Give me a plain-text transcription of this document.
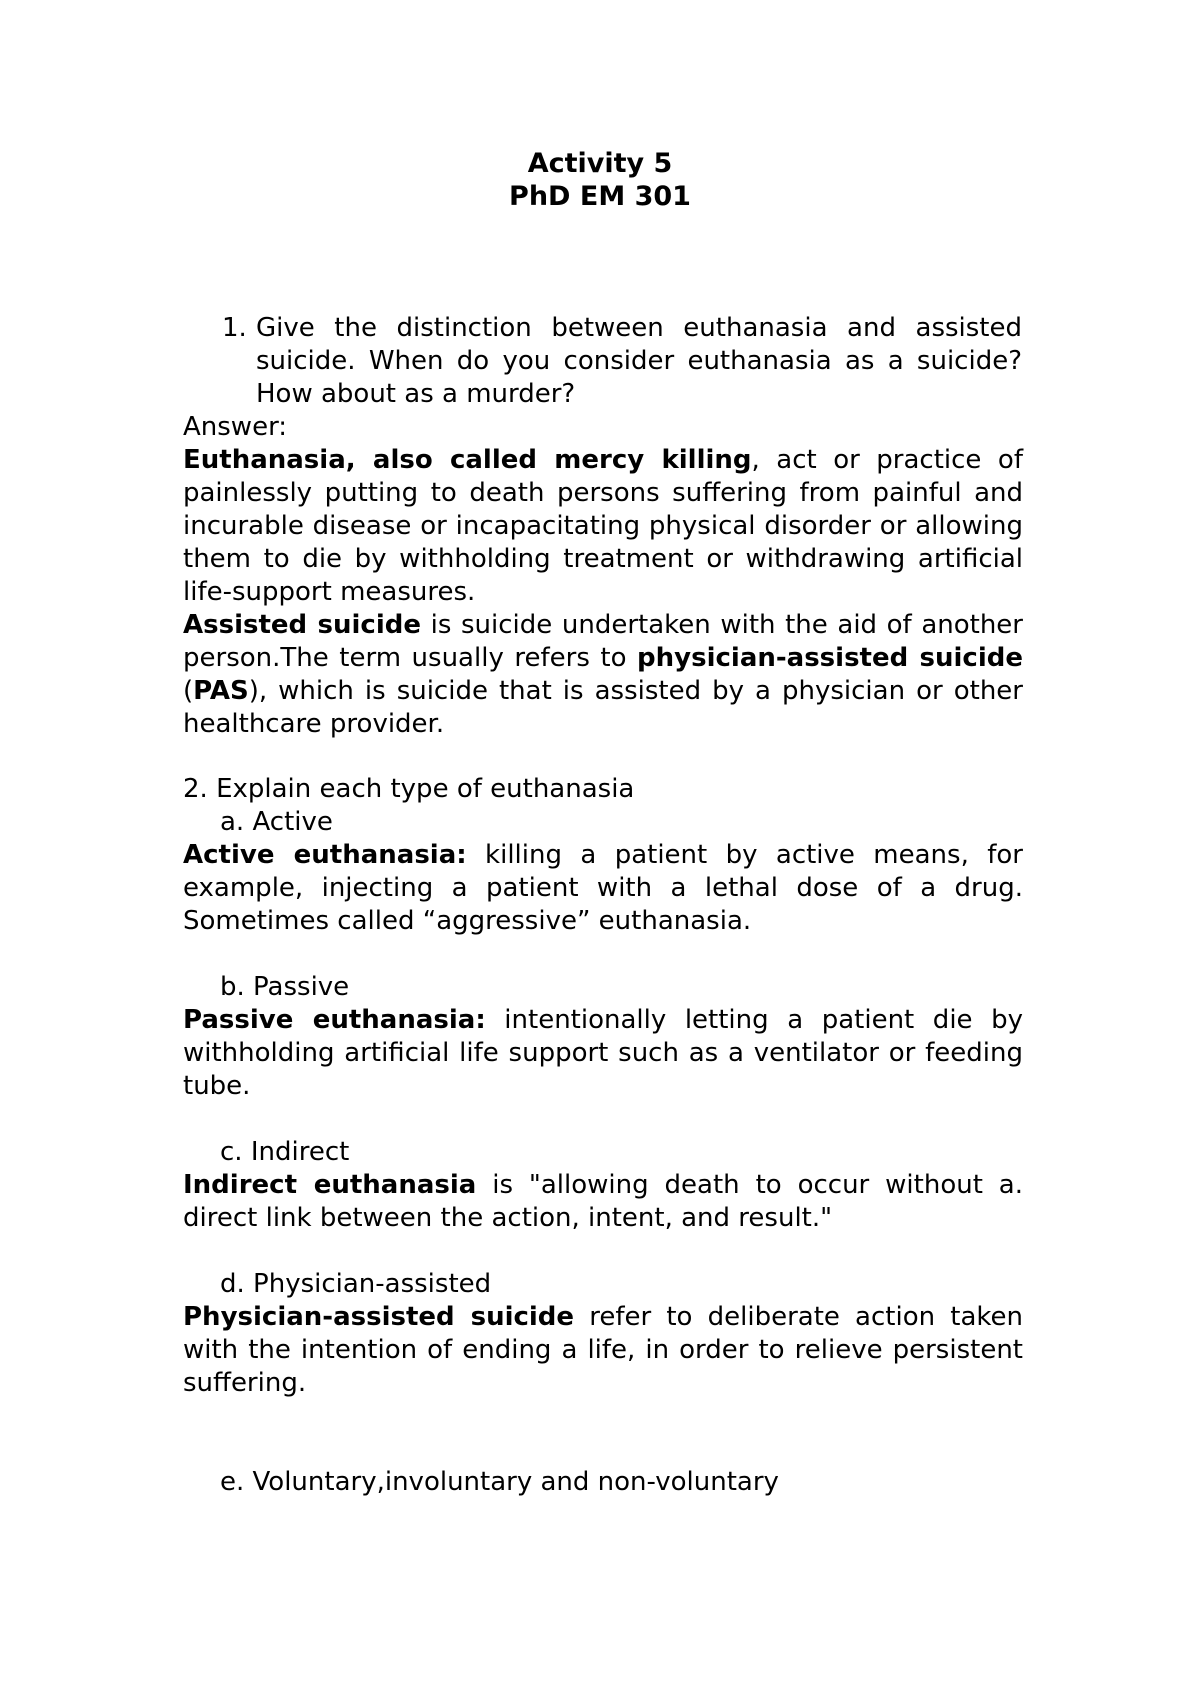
Activity 5

PhD EM 301

1. Give the distinction between euthanasia and assisted suicide. When do you consider euthanasia as a suicide? How about as a murder?

Answer:

Euthanasia, also called mercy killing, act or practice of painlessly putting to death persons suffering from painful and incurable disease or incapacitating physical disorder or allowing them to die by withholding treatment or withdrawing artificial life-support measures.

Assisted suicide is suicide undertaken with the aid of another person.The term usually refers to physician-assisted suicide (PAS), which is suicide that is assisted by a physician or other healthcare provider.

2. Explain each type of euthanasia

a. Active

Active euthanasia: killing a patient by active means, for example, injecting a patient with a lethal dose of a drug. Sometimes called “aggressive” euthanasia.

b. Passive

Passive euthanasia: intentionally letting a patient die by withholding artificial life support such as a ventilator or feeding tube.

c. Indirect

Indirect euthanasia is "allowing death to occur without a. direct link between the action, intent, and result."

d. Physician-assisted

Physician-assisted suicide refer to deliberate action taken with the intention of ending a life, in order to relieve persistent suffering.

e. Voluntary,involuntary and non-voluntary
